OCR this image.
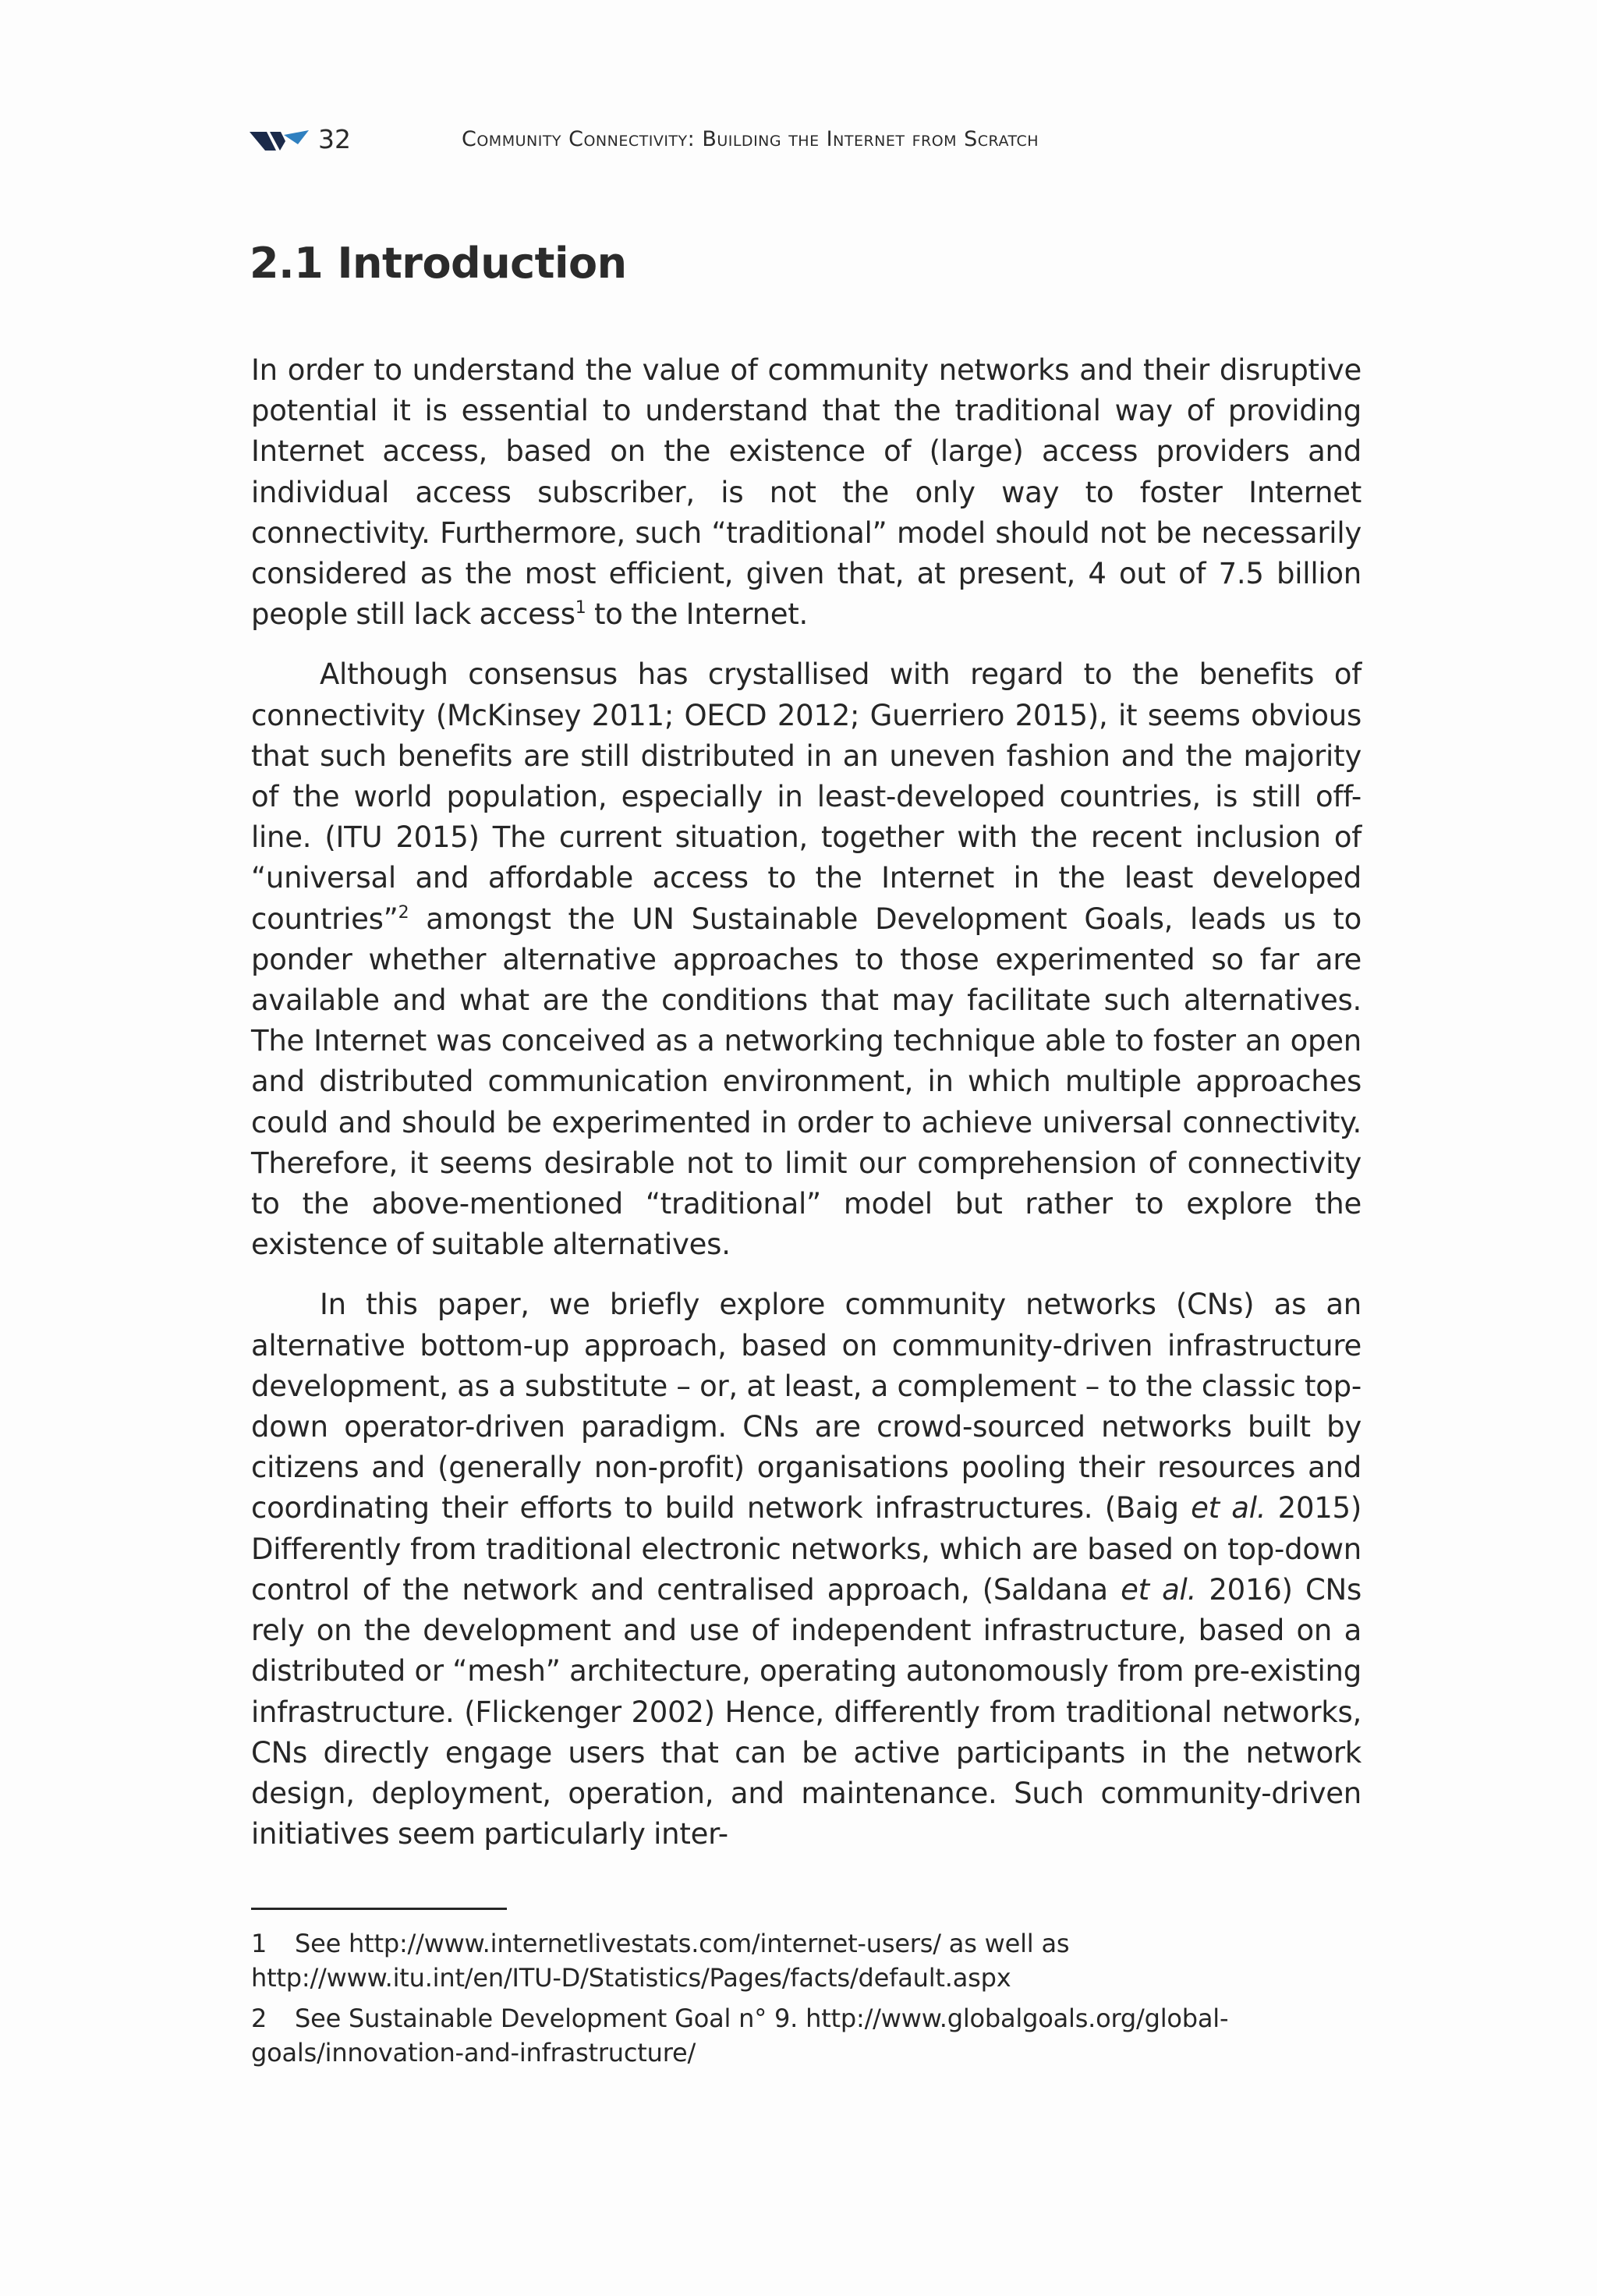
32	Community Connectivity: Building the Internet from Scratch
2.1 Introduction

In order to understand the value of community networks and their disruptive potential it is essential to understand that the traditional way of providing Internet access, based on the existence of (large) access providers and individual access subscriber, is not the only way to foster Internet connectivity. Furthermore, such “traditional” model should not be necessarily considered as the most efficient, given that, at present, 4 out of 7.5 billion people still lack access$^1$ to the Internet.

Although consensus has crystallised with regard to the benefits of connectivity (McKinsey 2011; OECD 2012; Guerriero 2015), it seems obvious that such benefits are still distributed in an uneven fashion and the majority of the world population, especially in least-developed countries, is still off-line. (ITU 2015) The current situation, together with the recent inclusion of “universal and affordable access to the Internet in the least developed countries”$^2$ amongst the UN Sustainable Development Goals, leads us to ponder whether alternative approaches to those experimented so far are available and what are the conditions that may facilitate such alternatives. The Internet was conceived as a networking technique able to foster an open and distributed communication environment, in which multiple approaches could and should be experimented in order to achieve universal connectivity. Therefore, it seems desirable not to limit our comprehension of connectivity to the above-mentioned “traditional” model but rather to explore the existence of suitable alternatives.

In this paper, we briefly explore community networks (CNs) as an alternative bottom-up approach, based on community-driven infrastructure development, as a substitute – or, at least, a complement – to the classic top-down operator-driven paradigm. CNs are crowd-sourced networks built by citizens and (generally non-profit) organisations pooling their resources and coordinating their efforts to build network infrastructures. (Baig et al. 2015) Differently from traditional electronic networks, which are based on top-down control of the network and centralised approach, (Saldana et al. 2016) CNs rely on the development and use of independent infrastructure, based on a distributed or “mesh” architecture, operating autonomously from pre-existing infrastructure. (Flickenger 2002) Hence, differently from traditional networks, CNs directly engage users that can be active participants in the network design, deployment, operation, and maintenance. Such community-driven initiatives seem particularly inter-

1 See http://www.internetlivestats.com/internet-users/ as well as http://www.itu.int/en/ITU-D/Statistics/Pages/facts/default.aspx

2 See Sustainable Development Goal n° 9. http://www.globalgoals.org/global-goals/innovation-and-infrastructure/
